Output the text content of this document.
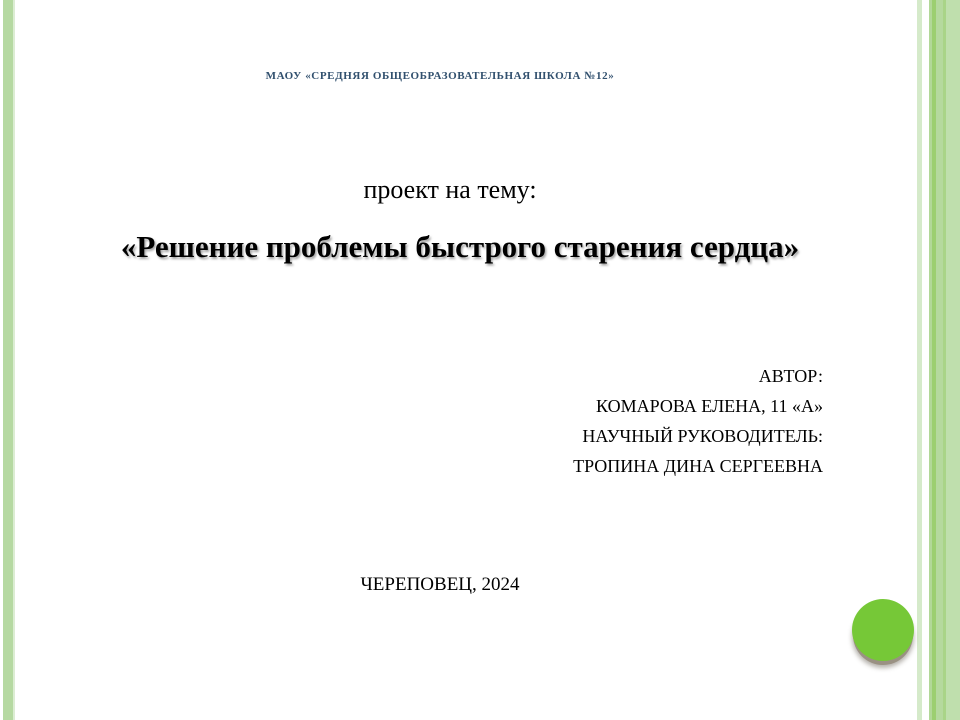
МАОУ «СРЕДНЯЯ ОБЩЕОБРАЗОВАТЕЛЬНАЯ ШКОЛА №12»
проект на тему:
«Решение проблемы быстрого старения сердца»
АВТОР:
КОМАРОВА ЕЛЕНА, 11 «А»
НАУЧНЫЙ РУКОВОДИТЕЛЬ:
ТРОПИНА ДИНА СЕРГЕЕВНА
ЧЕРЕПОВЕЦ, 2024
